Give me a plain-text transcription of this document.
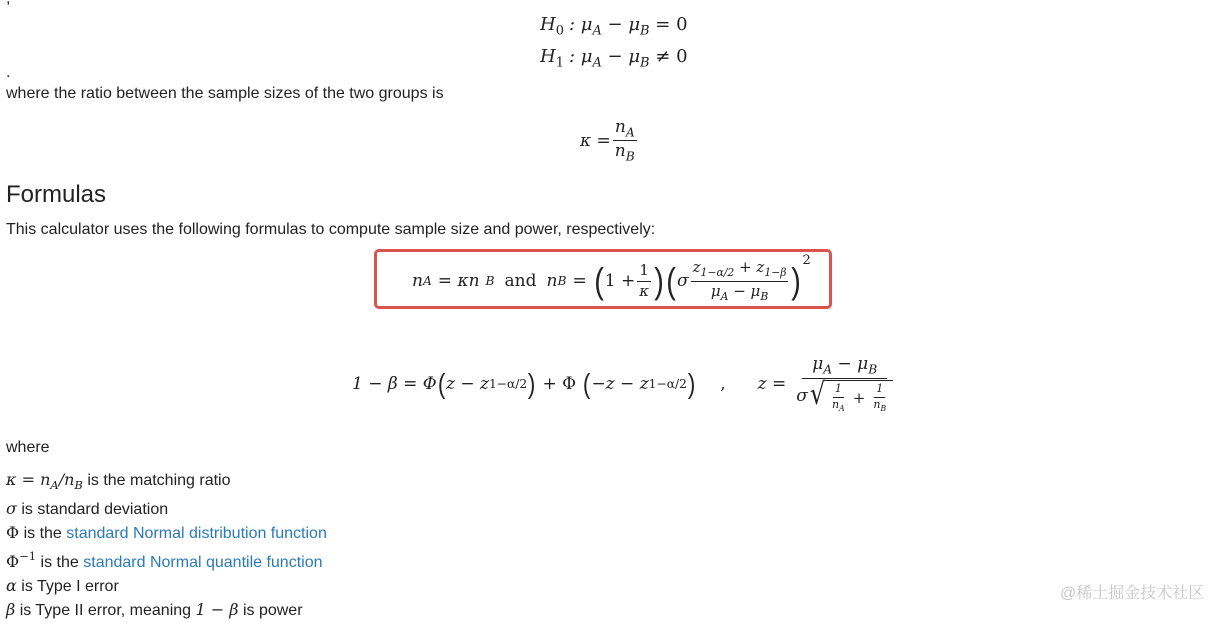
$H_0$ : $\mu_A - \mu_B = 0$
$H_1$ : $\mu_A - \mu_B \ne 0$
.
where the ratio between the sample sizes of the two groups is
$\kappa = \frac{n_A}{n_B}$
Formulas
This calculator uses the following formulas to compute sample size and power, respectively:
n A = κn B and n B = ( $1 + \frac{1}{\kappa}$ ) ( σ $\frac{z_{1-\alpha/2} + z_{1-\beta}}{\mu_A - \mu_B}$ ) 2
1 − β = Φ ( z − z 1−α/2 ) + Φ ( −z − z 1−α/2 ) , z =
$\mu_A - \mu_B$
σ √ $\frac{1}{n_A} + \frac{1}{n_B}$
where
$\kappa = n_A/n_B$ is the matching ratio
σ is standard deviation
Φ is the standard Normal distribution function
$\Phi^{-1}$ is the standard Normal quantile function
α is Type I error
β is Type II error, meaning 1 − β is power
@稀土掘金技术社区
